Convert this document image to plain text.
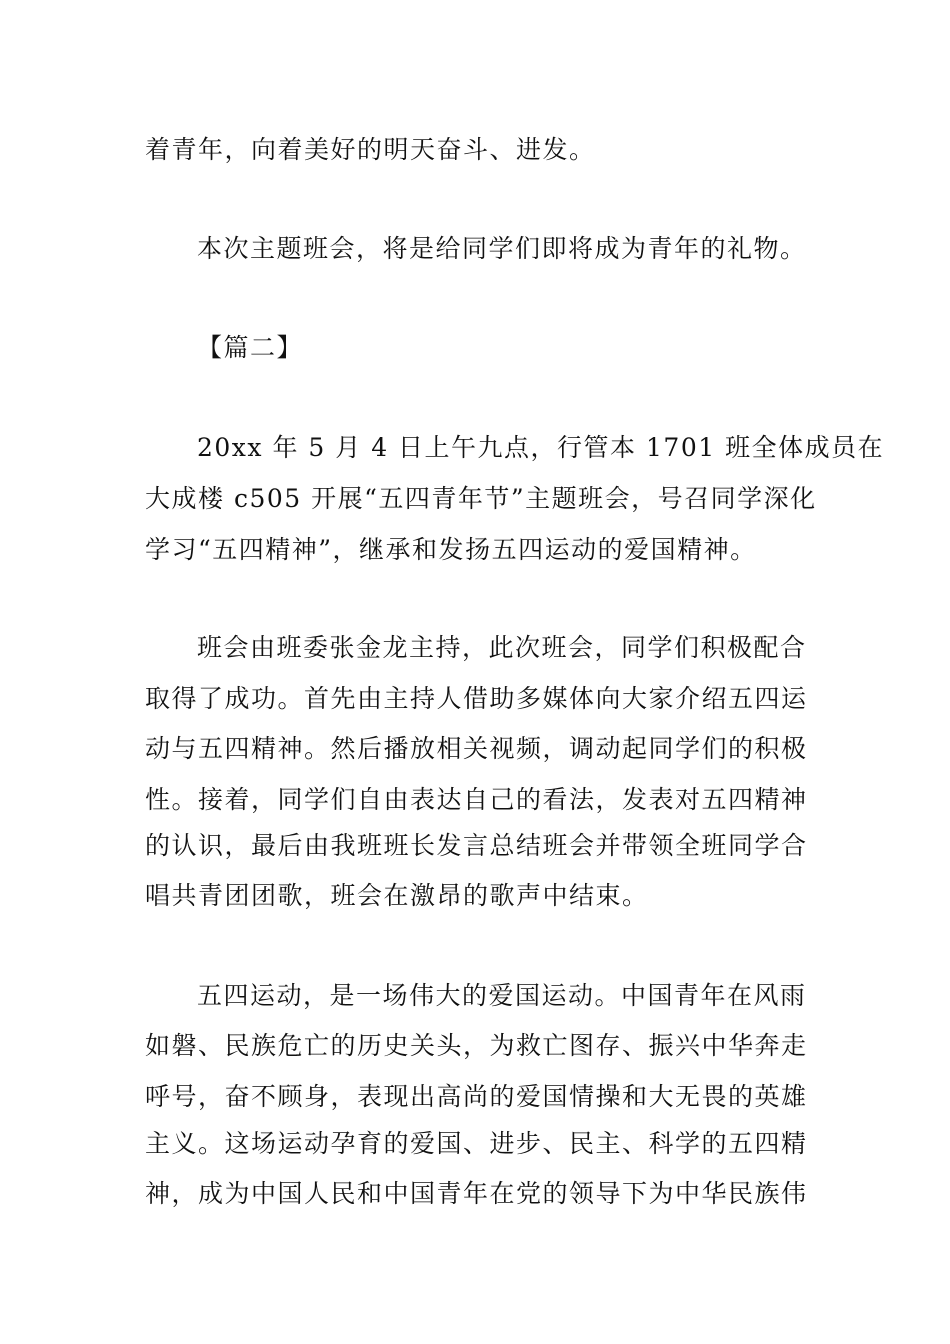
着青年，向着美好的明天奋斗、进发。
本次主题班会，将是给同学们即将成为青年的礼物。
【篇二】
20xx 年 5 月 4 日上午九点，行管本 1701 班全体成员在
大成楼 c505 开展“五四青年节”主题班会，号召同学深化
学习“五四精神”，继承和发扬五四运动的爱国精神。
班会由班委张金龙主持，此次班会，同学们积极配合
取得了成功。首先由主持人借助多媒体向大家介绍五四运
动与五四精神。然后播放相关视频，调动起同学们的积极
性。接着，同学们自由表达自己的看法，发表对五四精神
的认识，最后由我班班长发言总结班会并带领全班同学合
唱共青团团歌，班会在激昂的歌声中结束。
五四运动，是一场伟大的爱国运动。中国青年在风雨
如磐、民族危亡的历史关头，为救亡图存、振兴中华奔走
呼号，奋不顾身，表现出高尚的爱国情操和大无畏的英雄
主义。这场运动孕育的爱国、进步、民主、科学的五四精
神，成为中国人民和中国青年在党的领导下为中华民族伟
